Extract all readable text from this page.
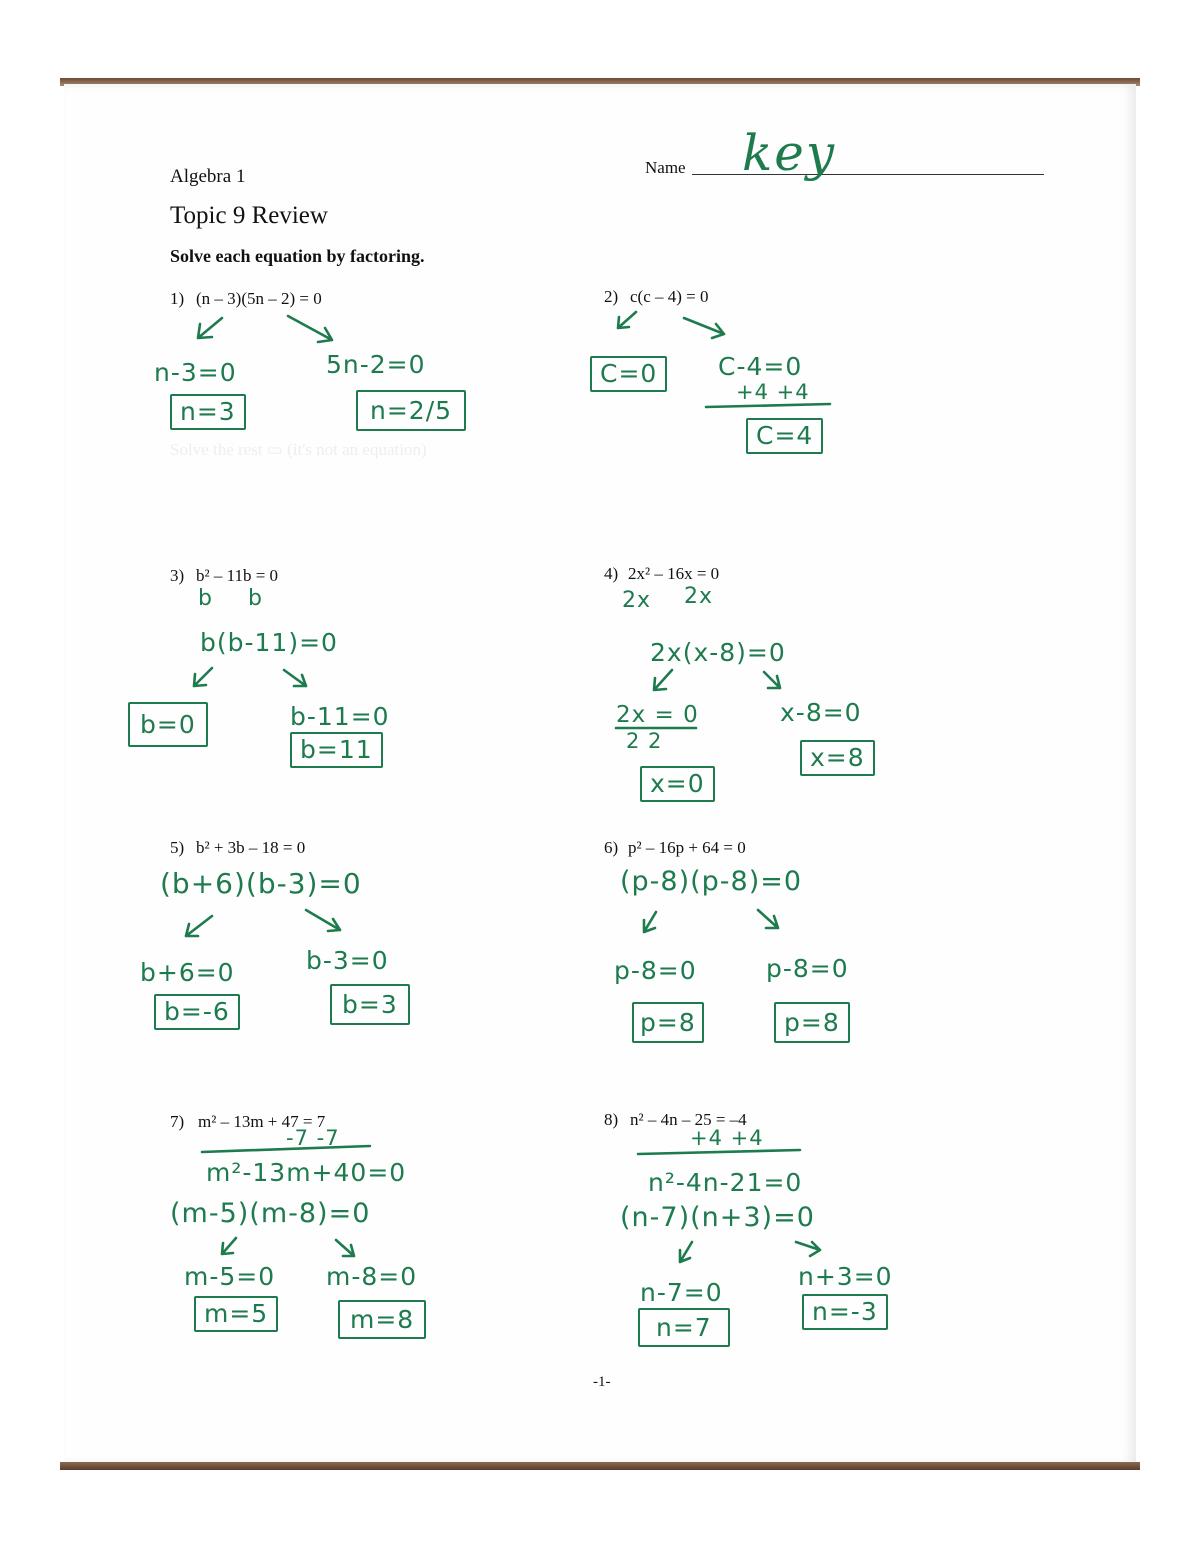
Solve the rest ▭ (it's not an equation)
Algebra 1	Name key
Topic 9 Review
Solve each equation by factoring.
1) (n – 3)(5n – 2) = 0
n-3=0	5n-2=0
n=3	n=2/5
2) c(c – 4) = 0
C=0	C-4=0
+4 +4
C=4
3) b² – 11b = 0
b b
b(b-11)=0
b=0	b-11=0
b=11
4) 2x² – 16x = 0
2x 2x
2x(x-8)=0
2x = 0
2 2
x-8=0
x=0
x=8
5) b² + 3b – 18 = 0
(b+6)(b-3)=0
b+6=0	b-3=0
b=-6	b=3
6) p² – 16p + 64 = 0
(p-8)(p-8)=0
p-8=0	p-8=0
p=8	p=8
7) m² – 13m + 47 = 7
-7 -7
m²-13m+40=0
(m-5)(m-8)=0
m-5=0 m-8=0
m=5	m=8
8) n² – 4n – 25 = –4
+4 +4
n²-4n-21=0
(n-7)(n+3)=0
n-7=0
n+3=0
n=7
n=-3
-1-
